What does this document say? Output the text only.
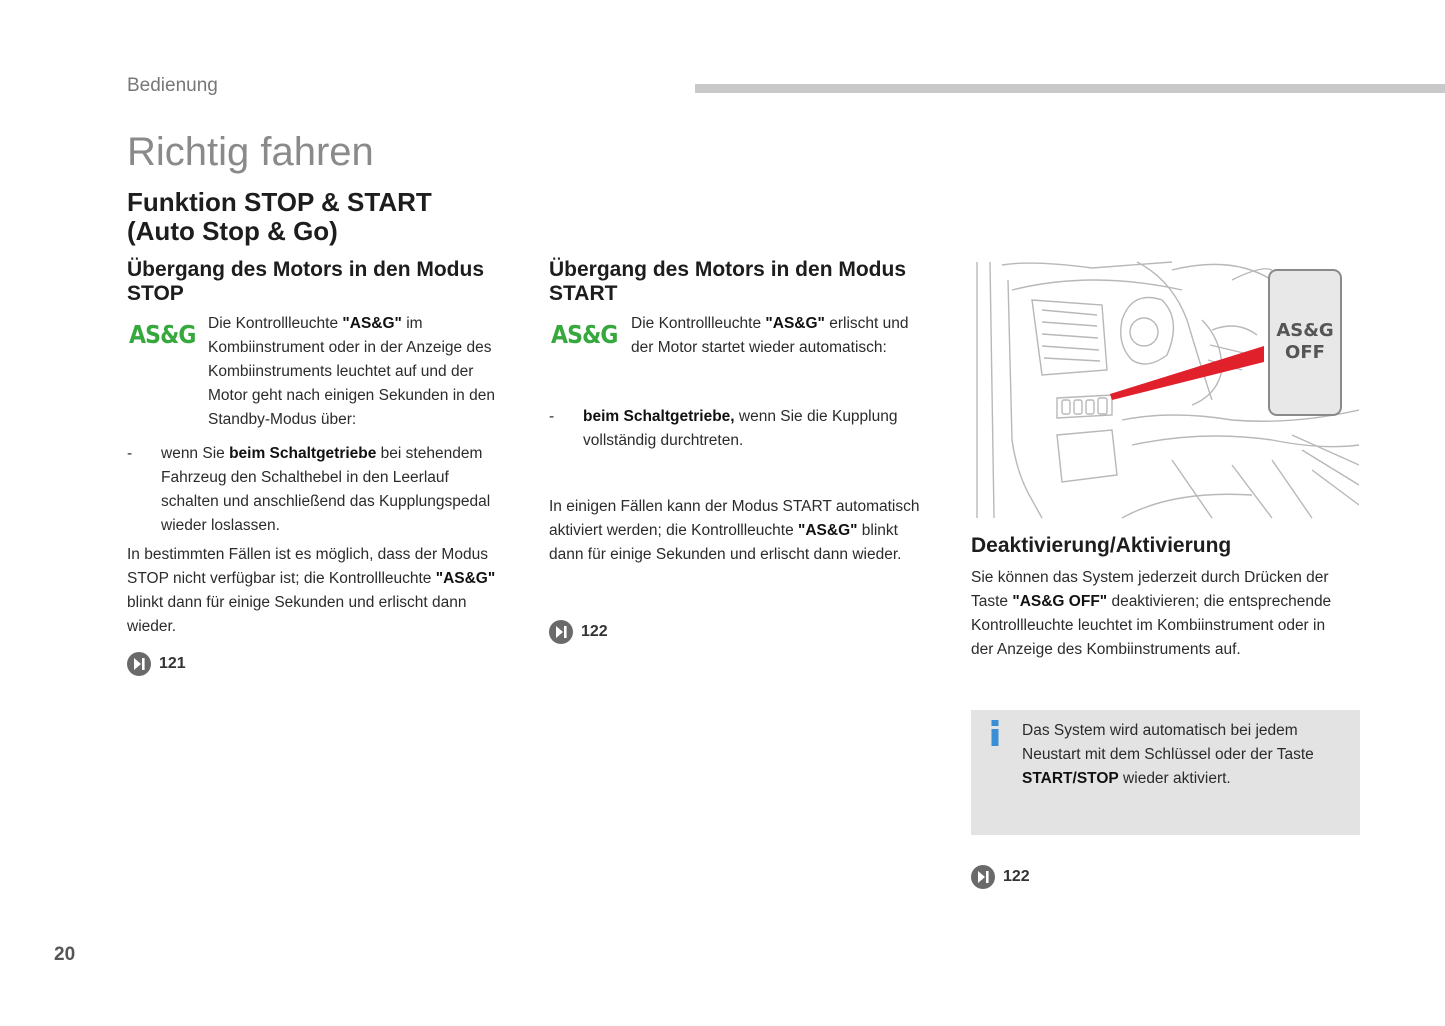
Bedienung
Richtig fahren
Funktion STOP & START
(Auto Stop & Go)
Übergang des Motors in den Modus
STOP
AS&G Die Kontrollleuchte "AS&G" im
Kombiinstrument oder in der Anzeige des
Kombiinstruments leuchtet auf und der
Motor geht nach einigen Sekunden in den
Standby-Modus über:
- wenn Sie beim Schaltgetriebe bei stehendem
Fahrzeug den Schalthebel in den Leerlauf
schalten und anschließend das Kupplungspedal
wieder loslassen.
In bestimmten Fällen ist es möglich, dass der Modus
STOP nicht verfügbar ist; die Kontrollleuchte "AS&G"
blinkt dann für einige Sekunden und erlischt dann
wieder.
121
Übergang des Motors in den Modus
START
AS&G Die Kontrollleuchte "AS&G" erlischt und
der Motor startet wieder automatisch:
- beim Schaltgetriebe, wenn Sie die Kupplung
vollständig durchtreten.
In einigen Fällen kann der Modus START automatisch
aktiviert werden; die Kontrollleuchte "AS&G" blinkt
dann für einige Sekunden und erlischt dann wieder.
122
AS&G
OFF
Deaktivierung/Aktivierung
Sie können das System jederzeit durch Drücken der
Taste "AS&G OFF" deaktivieren; die entsprechende
Kontrollleuchte leuchtet im Kombiinstrument oder in
der Anzeige des Kombiinstruments auf.
Das System wird automatisch bei jedem
Neustart mit dem Schlüssel oder der Taste
START/STOP wieder aktiviert.
122
20
